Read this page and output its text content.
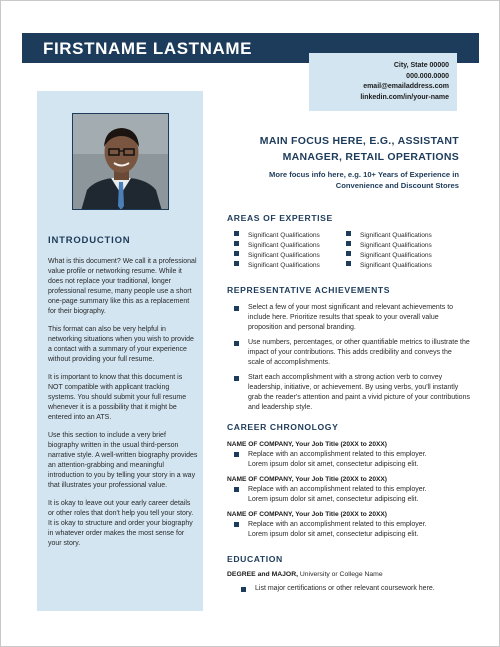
FIRSTNAME LASTNAME
City, State 00000
000.000.0000
email@emailaddress.com
linkedin.com/in/your-name
INTRODUCTION

What is this document? We call it a professional value profile or networking resume. While it does not replace your traditional, longer professional resume, many people use a short one-page summary like this as a replacement for their biography.

This format can also be very helpful in networking situations when you wish to provide a contact with a summary of your experience without providing your full resume.

It is important to know that this document is NOT compatible with applicant tracking systems. You should submit your full resume whenever it is a possibility that it might be entered into an ATS.

Use this section to include a very brief biography written in the usual third-person narrative style. A well-written biography provides an attention-grabbing and meaningful introduction to you by telling your story in a way that illustrates your professional value.

It is okay to leave out your early career details or other roles that don't help you tell your story. It is okay to structure and order your biography in whatever order makes the most sense for your story.

MAIN FOCUS HERE, E.G., ASSISTANT
MANAGER, RETAIL OPERATIONS
More focus info here, e.g. 10+ Years of Experience in
Convenience and Discount Stores
AREAS OF EXPERTISE
Significant Qualifications
Significant Qualifications
Significant Qualifications
Significant Qualifications
Significant Qualifications
Significant Qualifications
Significant Qualifications
Significant Qualifications
REPRESENTATIVE ACHIEVEMENTS
Select a few of your most significant and relevant achievements to include here. Prioritize results that speak to your overall value proposition and personal branding.
Use numbers, percentages, or other quantifiable metrics to illustrate the impact of your contributions. This adds credibility and conveys the scale of accomplishments.
Start each accomplishment with a strong action verb to convey leadership, initiative, or achievement. By using verbs, you'll instantly grab the reader's attention and paint a vivid picture of your contributions and leadership style.
CAREER CHRONOLOGY
NAME OF COMPANY, Your Job Title (20XX to 20XX)
Replace with an accomplishment related to this employer.
Lorem ipsum dolor sit amet, consectetur adipiscing elit.
NAME OF COMPANY, Your Job Title (20XX to 20XX)
Replace with an accomplishment related to this employer.
Lorem ipsum dolor sit amet, consectetur adipiscing elit.
NAME OF COMPANY, Your Job Title (20XX to 20XX)
Replace with an accomplishment related to this employer.
Lorem ipsum dolor sit amet, consectetur adipiscing elit.
EDUCATION
DEGREE and MAJOR, University or College Name
List major certifications or other relevant coursework here.
